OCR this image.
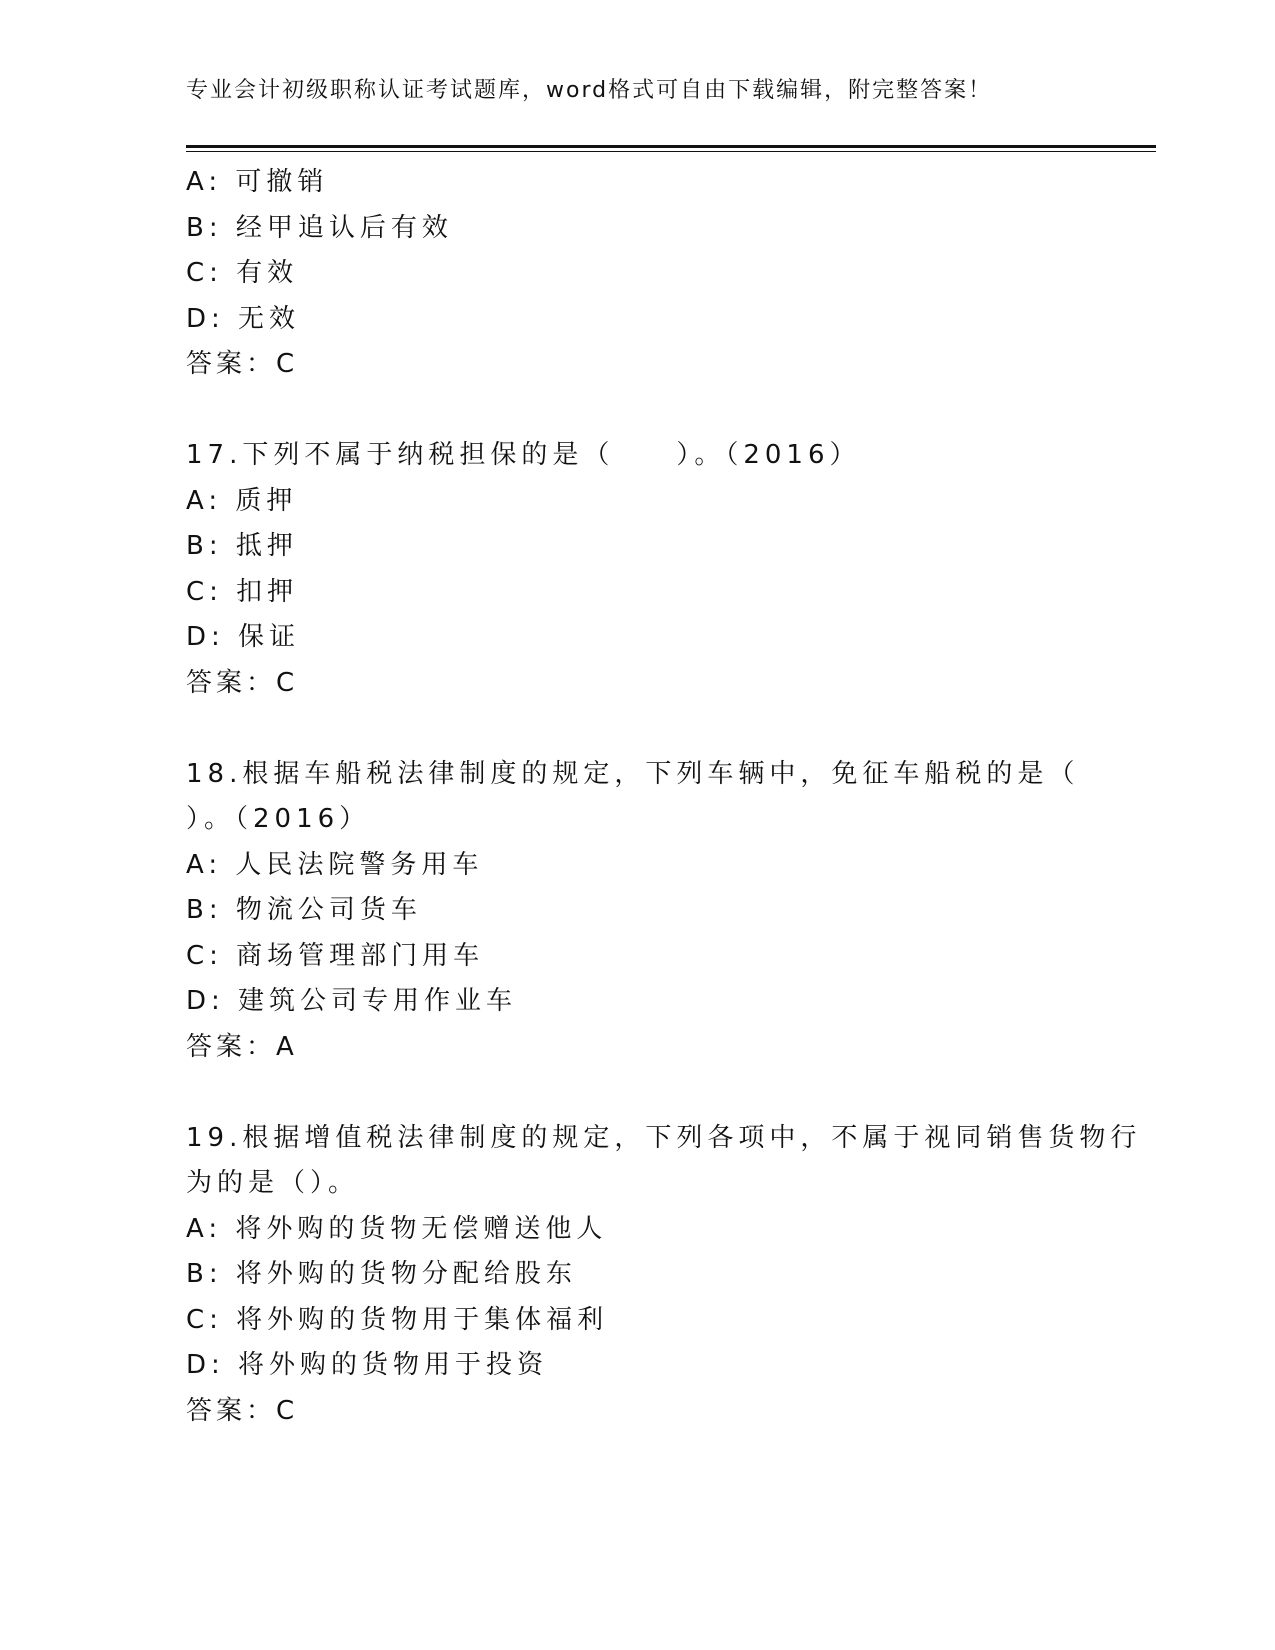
专业会计初级职称认证考试题库，word格式可自由下载编辑，附完整答案！
A: 可撤销
B: 经甲追认后有效
C: 有效
D: 无效
答案：C
17.下列不属于纳税担保的是（　　）。（2016）
A: 质押
B: 抵押
C: 扣押
D: 保证
答案：C
18.根据车船税法律制度的规定，下列车辆中，免征车船税的是（
）。（2016）
A: 人民法院警务用车
B: 物流公司货车
C: 商场管理部门用车
D: 建筑公司专用作业车
答案：A
19.根据增值税法律制度的规定，下列各项中，不属于视同销售货物行
为的是（）。
A: 将外购的货物无偿赠送他人
B: 将外购的货物分配给股东
C: 将外购的货物用于集体福利
D: 将外购的货物用于投资
答案：C
